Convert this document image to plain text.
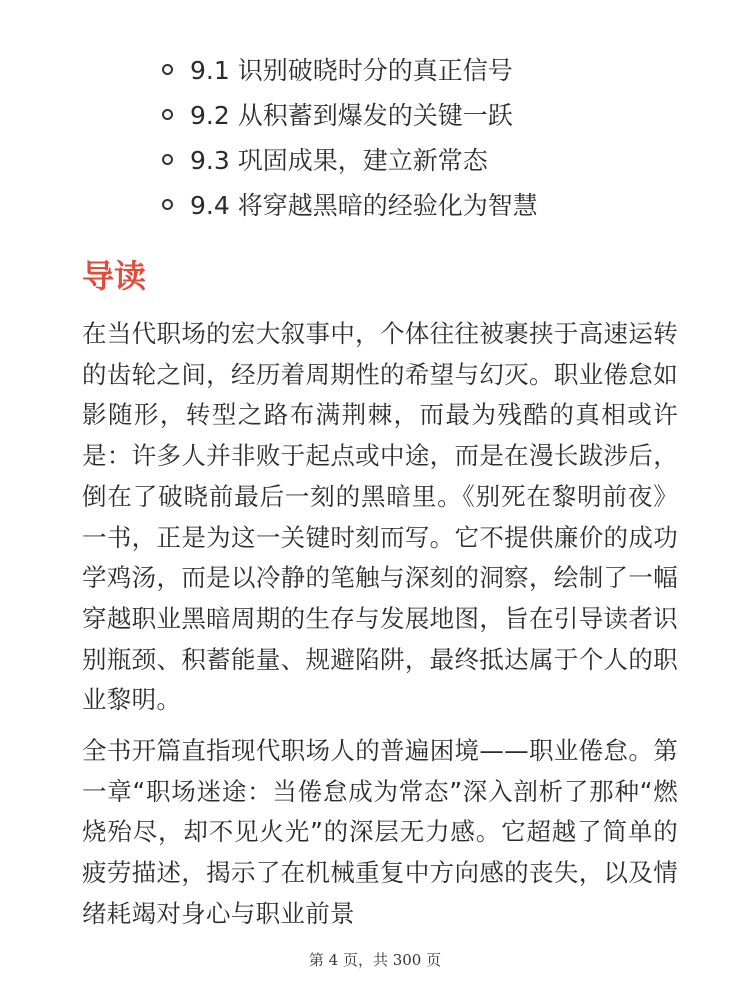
9.1 识别破晓时分的真正信号
9.2 从积蓄到爆发的关键一跃
9.3 巩固成果，建立新常态
9.4 将穿越黑暗的经验化为智慧
导读

在当代职场的宏大叙事中，个体往往被裹挟于高速运转的齿轮之间，经历着周期性的希望与幻灭。职业倦怠如影随形，转型之路布满荆棘，而最为残酷的真相或许是：许多人并非败于起点或中途，而是在漫长跋涉后，倒在了破晓前最后一刻的黑暗里。《别死在黎明前夜》一书，正是为这一关键时刻而写。它不提供廉价的成功学鸡汤，而是以冷静的笔触与深刻的洞察，绘制了一幅穿越职业黑暗周期的生存与发展地图，旨在引导读者识别瓶颈、积蓄能量、规避陷阱，最终抵达属于个人的职业黎明。

全书开篇直指现代职场人的普遍困境——职业倦怠。第一章“职场迷途：当倦怠成为常态”深入剖析了那种“燃烧殆尽，却不见火光”的深层无力感。它超越了简单的疲劳描述，揭示了在机械重复中方向感的丧失，以及情绪耗竭对身心与职业前景

第 4 页，共 300 页
